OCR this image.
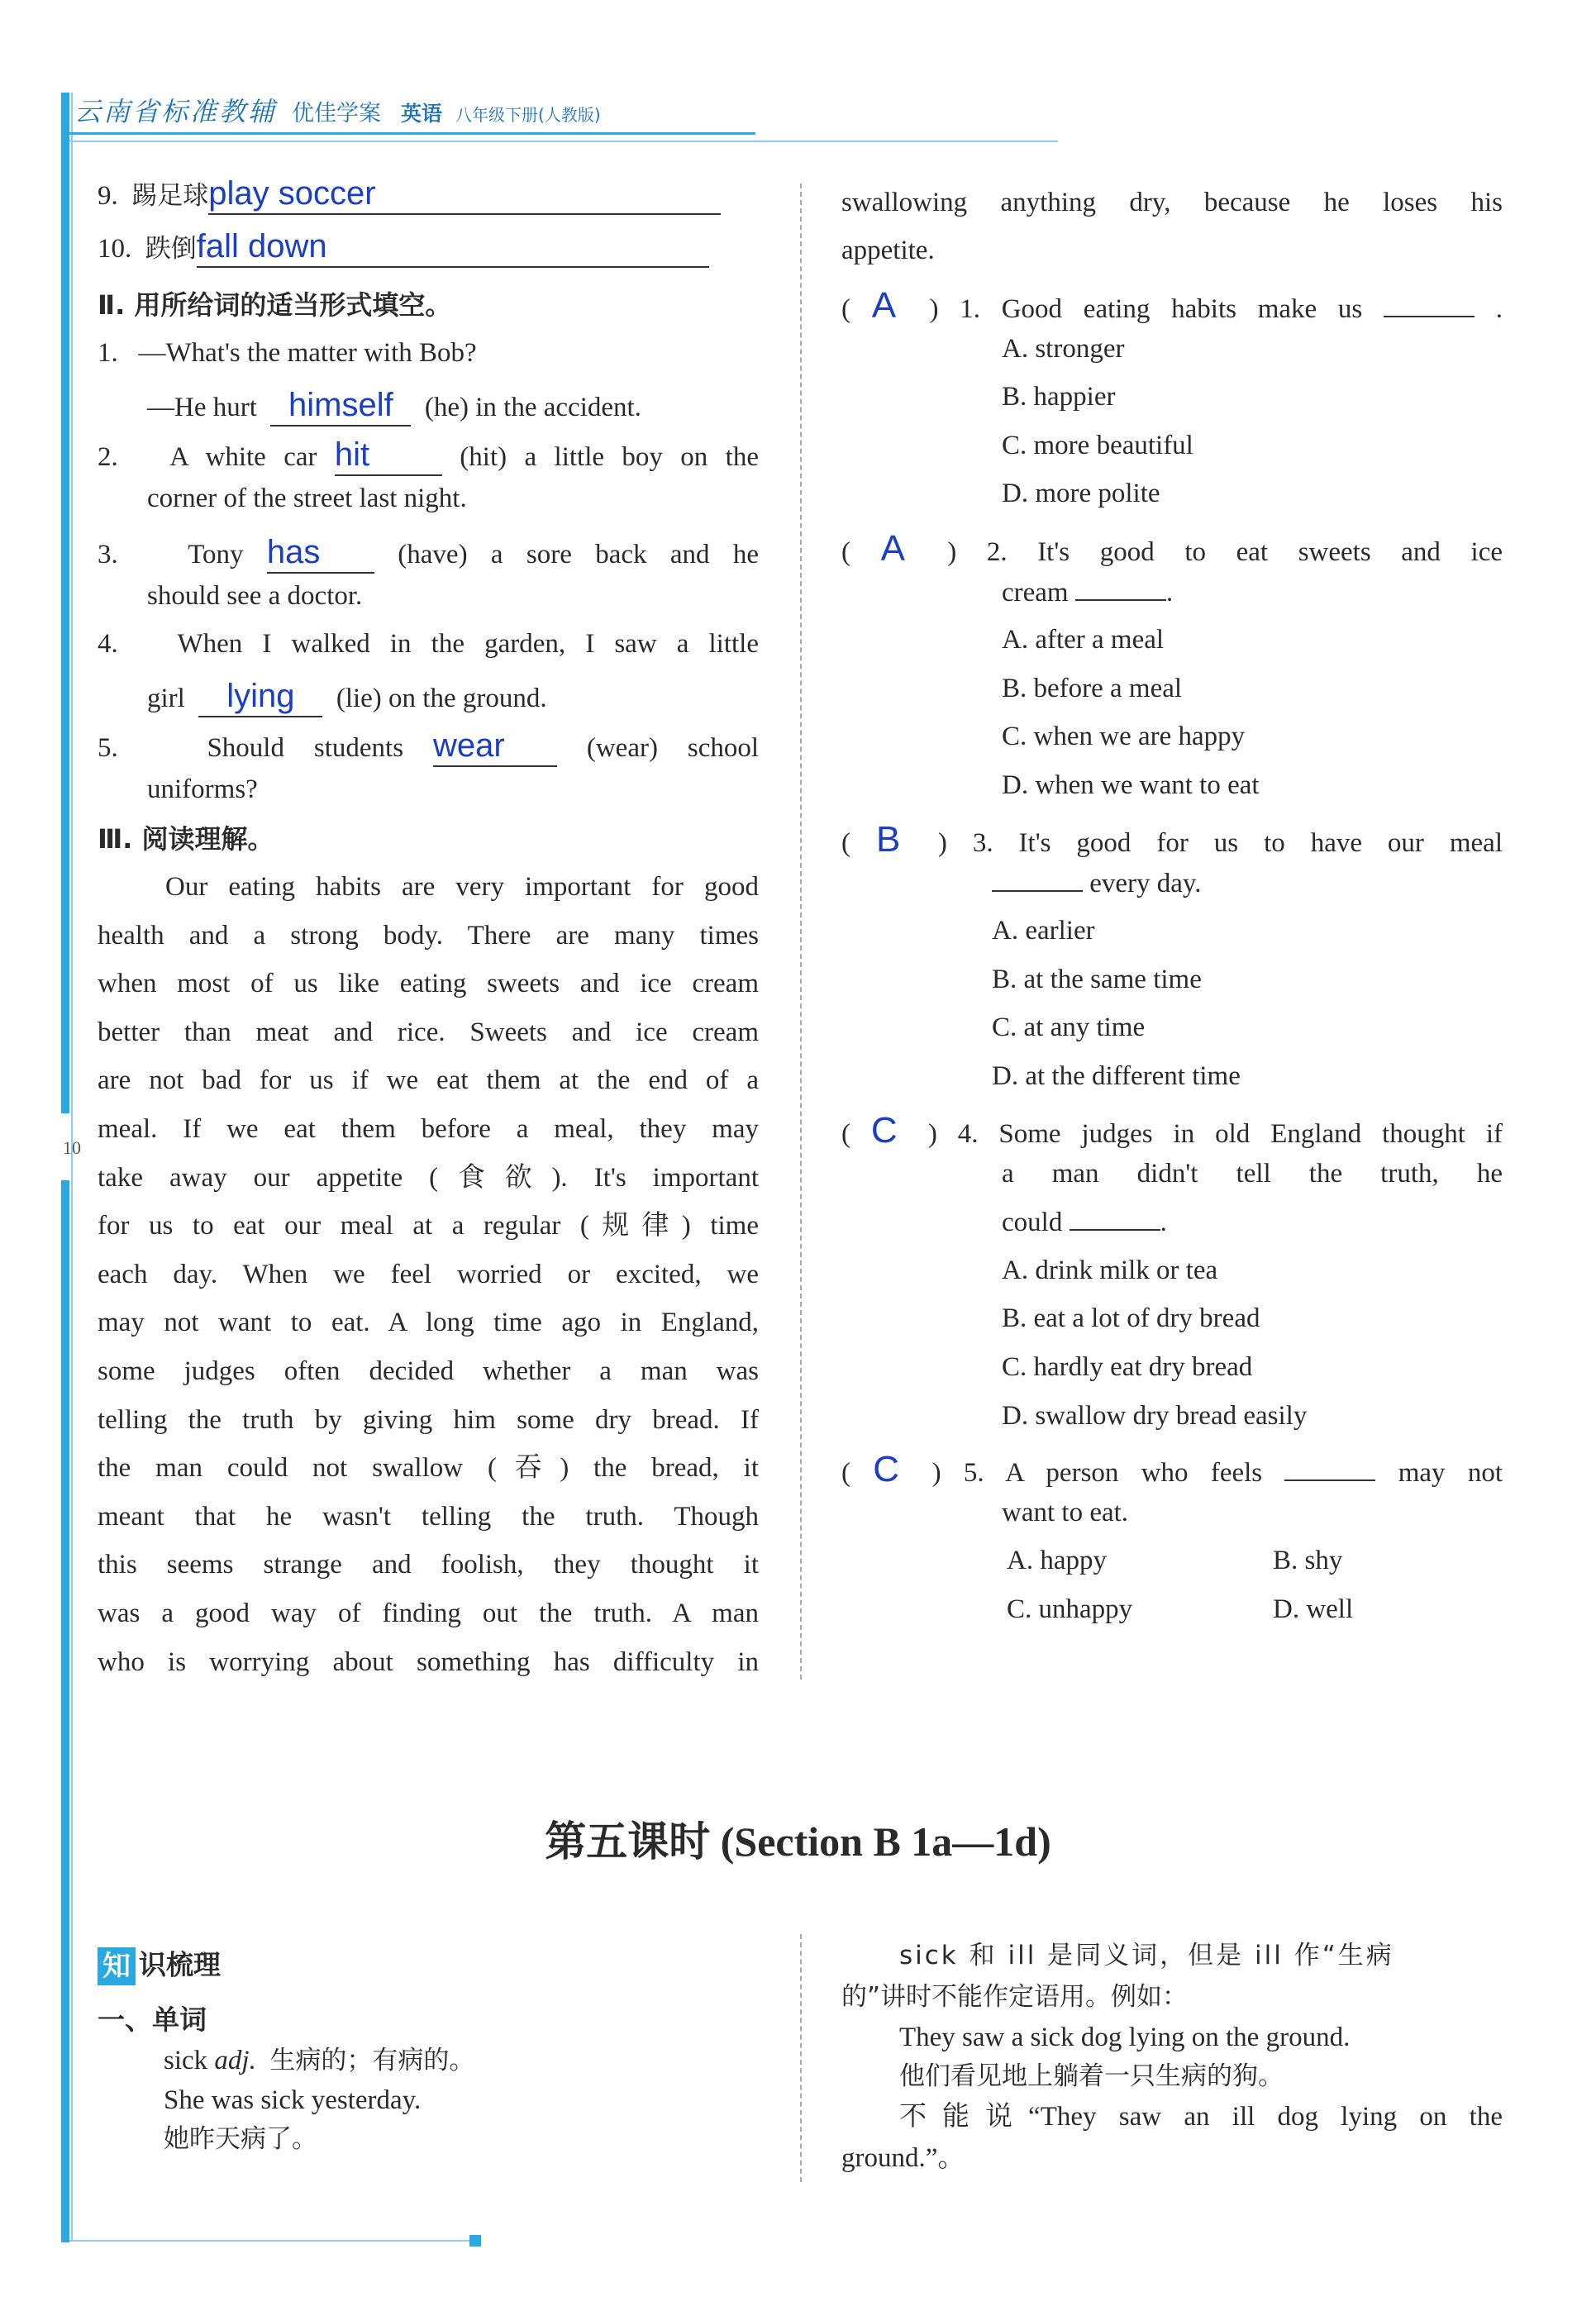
10
云南省标准教辅 优佳学案 英语 八年级下册(人教版)
9. 踢足球play soccer
10. 跌倒fall down
Ⅱ. 用所给词的适当形式填空。
1. —What's the matter with Bob?
—He hurt himself (he) in the accident.
2. A white car hit	(hit) a little boy on the
corner of the street last night.
3.	Tony has	(have) a sore back and he
should see a doctor.
4. When I walked in the garden, I saw a little
girl lying (lie) on the ground.
5.	Should students wear	(wear) school
uniforms?
Ⅲ. 阅读理解。
Our eating habits are very important for good
health and a strong body. There are many times
when most of us like eating sweets and ice cream
better than meat and rice. Sweets and ice cream
are not bad for us if we eat them at the end of a
meal. If we eat them before a meal, they may
take away our appetite (食欲). It's important
for us to eat our meal at a regular (规律) time
each day. When we feel worried or excited, we
may not want to eat. A long time ago in England,
some judges often decided whether a man was
telling the truth by giving him some dry bread. If
the man could not swallow (吞) the bread, it
meant that he wasn't telling the truth. Though
this seems strange and foolish, they thought it
was a good way of finding out the truth. A man
who is worrying about something has difficulty in
swallowing anything dry, because he loses his
appetite.
( A ) 1. Good eating habits make us	.
A. stronger
B. happier
C. more beautiful
D. more polite
( A ) 2. It's good to eat sweets and ice
cream	.
A. after a meal
B. before a meal
C. when we are happy
D. when we want to eat
( B ) 3. It's good for us to have our meal
every day.
A. earlier
B. at the same time
C. at any time
D. at the different time
( C ) 4. Some judges in old England thought if
a man didn't tell the truth, he
could	.
A. drink milk or tea
B. eat a lot of dry bread
C. hardly eat dry bread
D. swallow dry bread easily
( C ) 5. A person who feels	may not
want to eat.
A. happy	B. shy
C. unhappy	D. well
第五课时 (Section B 1a—1d)
知 识梳理
一、单词
sick adj. 生病的；有病的。
She was sick yesterday.
她昨天病了。
sick 和 ill 是同义词，但是 ill 作“生病
的”讲时不能作定语用。例如：
They saw a sick dog lying on the ground.
他们看见地上躺着一只生病的狗。
不能说“They saw an ill dog lying on the
ground.”。
